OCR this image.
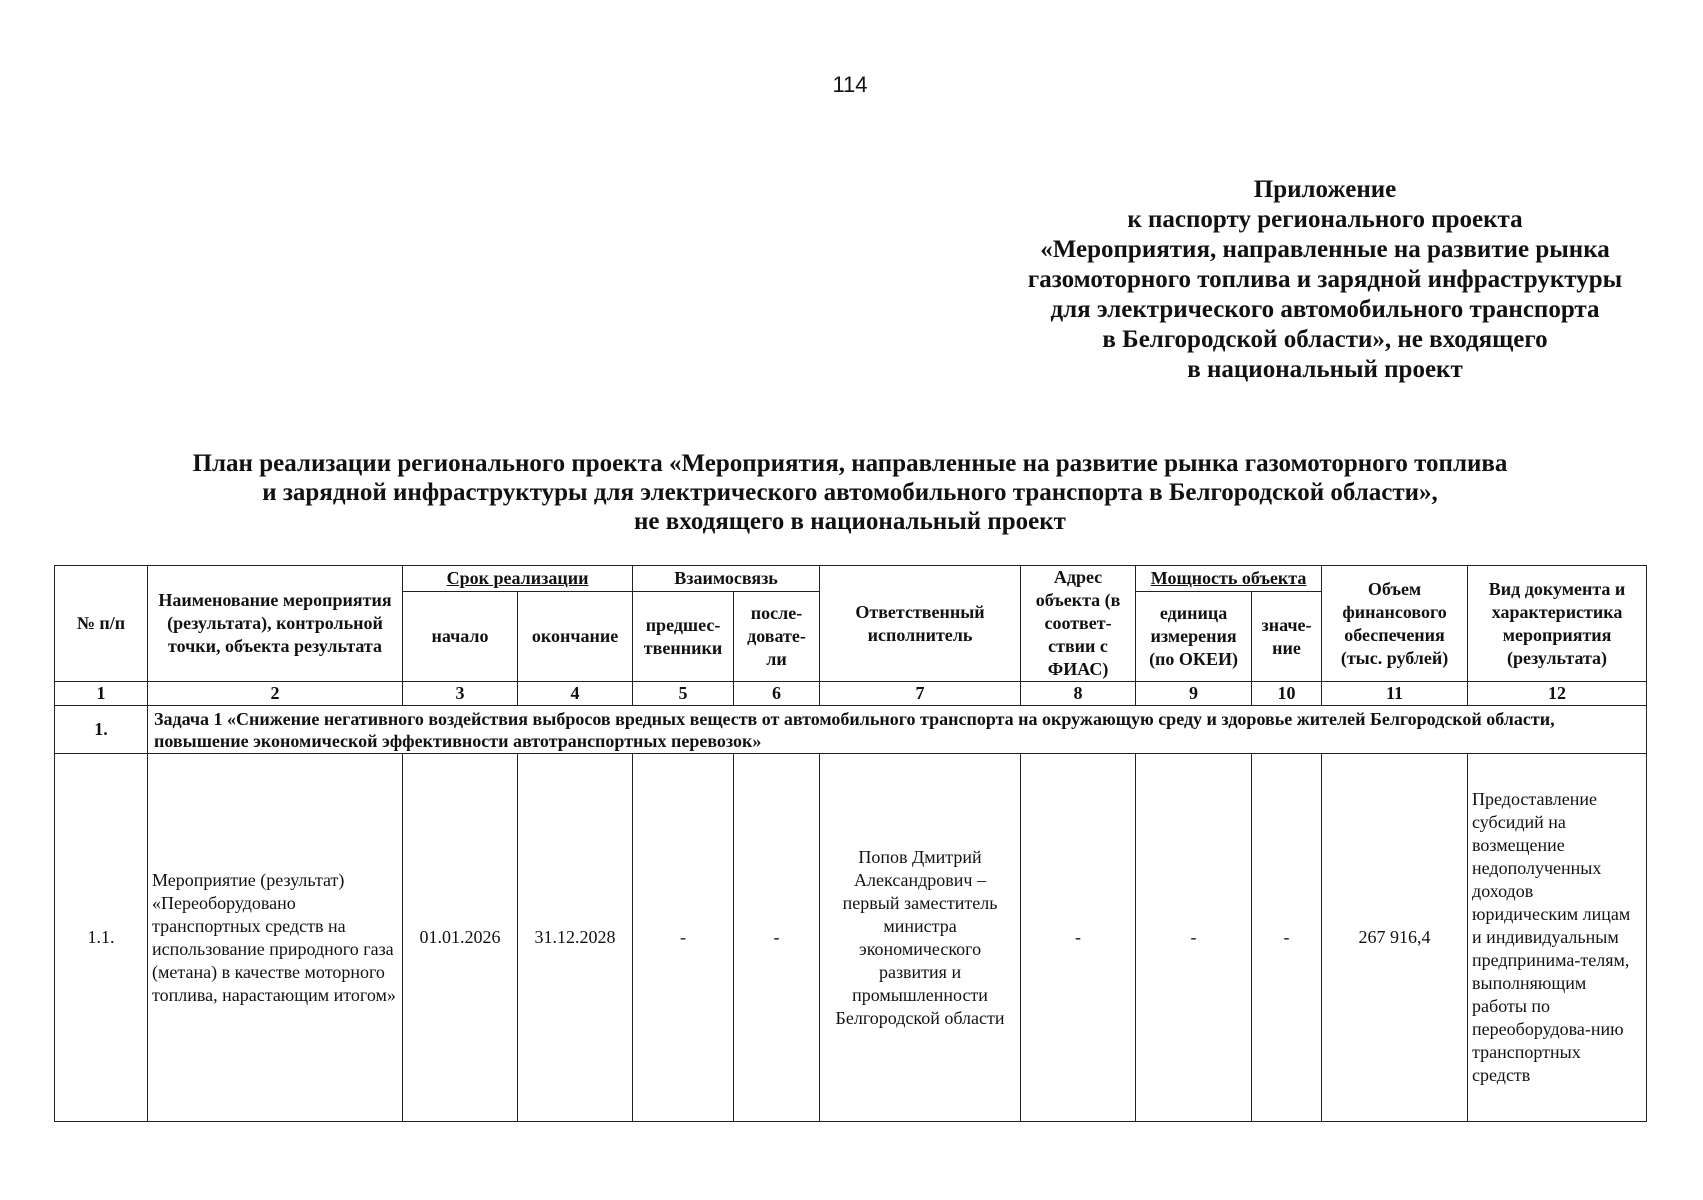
114
Приложение
к паспорту регионального проекта
«Мероприятия, направленные на развитие рынка
газомоторного топлива и зарядной инфраструктуры
для электрического автомобильного транспорта
в Белгородской области», не входящего
в национальный проект
План реализации регионального проекта «Мероприятия, направленные на развитие рынка газомоторного топлива
и зарядной инфраструктуры для электрического автомобильного транспорта в Белгородской области»,
не входящего в национальный проект
№ п/п	Наименование мероприятия (результата), контрольной точки, объекта результата	Срок реализации		Взаимосвязь		Ответственный исполнитель	Адрес объекта (в соответ-ствии с ФИАС)	Мощность объекта		Объем финансового обеспечения (тыс. рублей)	Вид документа и характеристика мероприятия (результата)
		начало	окончание	предшес-твенники	после-довате-ли			единица измерения (по ОКЕИ)	значе-ние		
1	2	3	4	5	6	7	8	9	10	11	12
1.	Задача 1 «Снижение негативного воздействия выбросов вредных веществ от автомобильного транспорта на окружающую среду и здоровье жителей Белгородской области, повышение экономической эффективности автотранспортных перевозок»										
1.1.	Мероприятие (результат) «Переоборудовано транспортных средств на использование природного газа (метана) в качестве моторного топлива, нарастающим итогом»	01.01.2026	31.12.2028	-	-	Попов Дмитрий Александрович – первый заместитель министра экономического развития и промышленности Белгородской области	-	-	-	267 916,4	Предоставление субсидий на возмещение недополученных доходов юридическим лицам и индивидуальным предпринима-телям, выполняющим работы по переоборудова-нию транспортных средств
